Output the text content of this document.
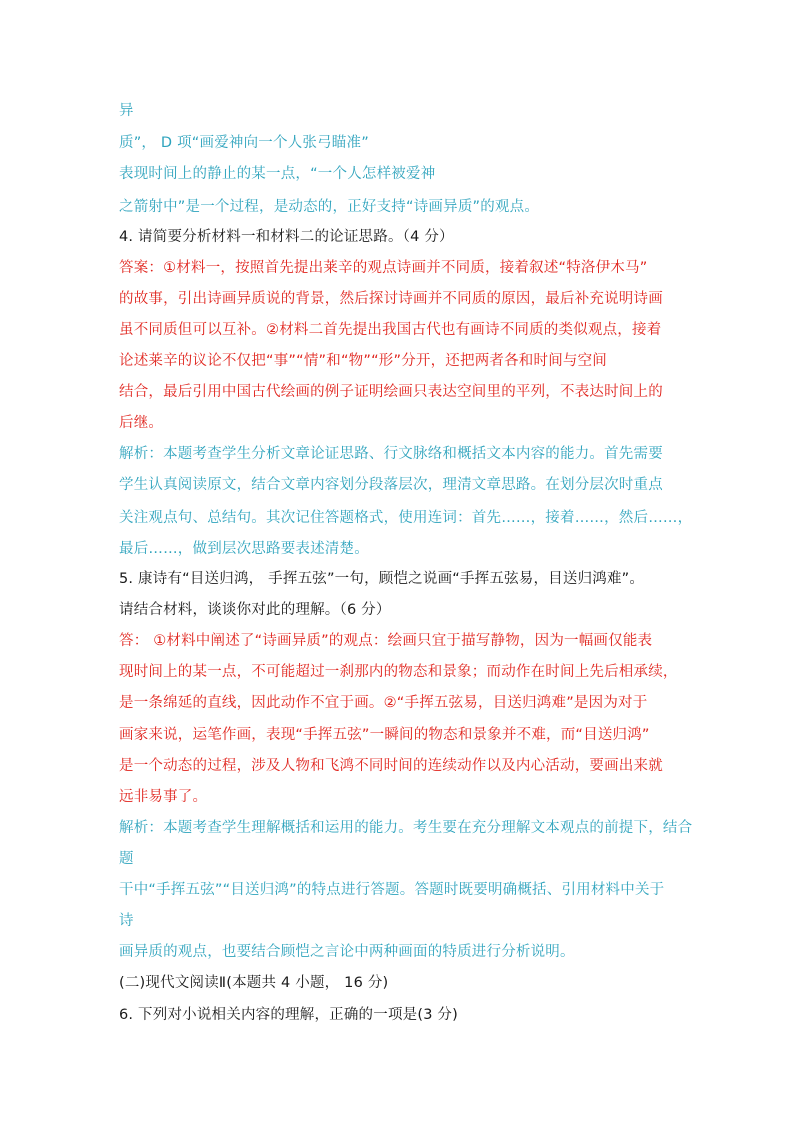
异
质”， D 项“画爱神向一个人张弓瞄准”
表现时间上的静止的某一点，“一个人怎样被爱神
之箭射中”是一个过程，是动态的，正好支持“诗画异质”的观点。
4. 请简要分析材料一和材料二的论证思路。（4 分）
答案：①材料一，按照首先提出莱辛的观点诗画并不同质，接着叙述“特洛伊木马”
的故事，引出诗画异质说的背景，然后探讨诗画并不同质的原因，最后补充说明诗画
虽不同质但可以互补。②材料二首先提出我国古代也有画诗不同质的类似观点，接着
论述莱辛的议论不仅把“事”“情”和“物”“形”分开，还把两者各和时间与空间
结合，最后引用中国古代绘画的例子证明绘画只表达空间里的平列，不表达时间上的
后继。
解析：本题考查学生分析文章论证思路、行文脉络和概括文本内容的能力。首先需要
学生认真阅读原文，结合文章内容划分段落层次，理清文章思路。在划分层次时重点
关注观点句、总结句。其次记住答题格式，使用连词：首先……，接着……，然后……，
最后……，做到层次思路要表述清楚。
5. 康诗有“目送归鸿， 手挥五弦”一句，顾恺之说画“手挥五弦易，目送归鸿难”。
请结合材料，谈谈你对此的理解。（6 分）
答： ①材料中阐述了“诗画异质”的观点：绘画只宜于描写静物，因为一幅画仅能表
现时间上的某一点，不可能超过一刹那内的物态和景象；而动作在时间上先后相承续，
是一条绵延的直线，因此动作不宜于画。②“手挥五弦易，目送归鸿难”是因为对于
画家来说，运笔作画，表现“手挥五弦”一瞬间的物态和景象并不难，而“目送归鸿”
是一个动态的过程，涉及人物和飞鸿不同时间的连续动作以及内心活动，要画出来就
远非易事了。
解析：本题考查学生理解概括和运用的能力。考生要在充分理解文本观点的前提下，结合
题
干中“手挥五弦”“目送归鸿”的特点进行答题。答题时既要明确概括、引用材料中关于
诗
画异质的观点，也要结合顾恺之言论中两种画面的特质进行分析说明。
(二)现代文阅读Ⅱ(本题共 4 小题， 16 分)
6. 下列对小说相关内容的理解，正确的一项是(3 分)
